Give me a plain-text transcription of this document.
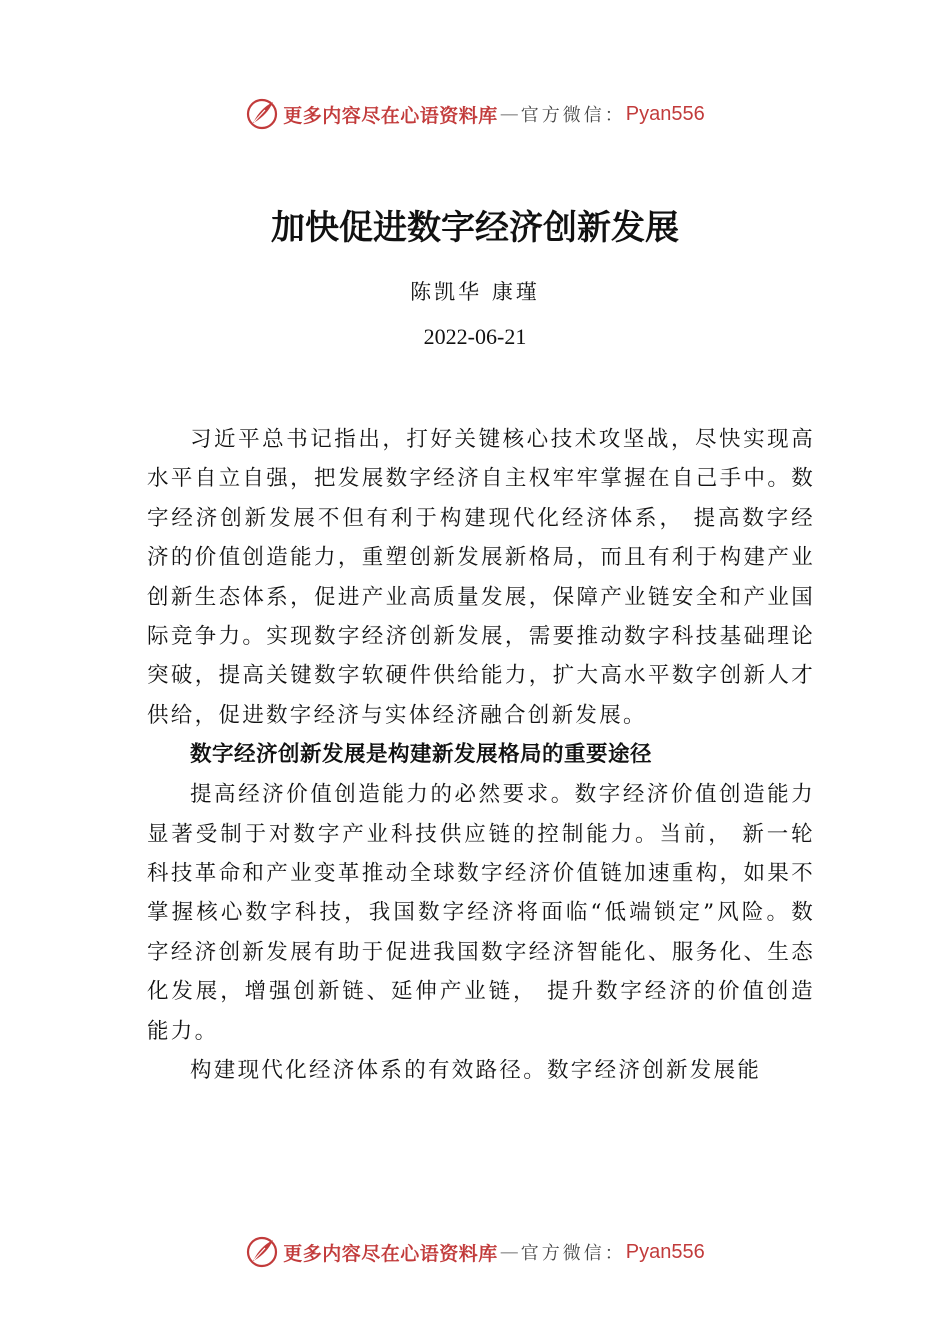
更多内容尽在心语资料库 — 官方微信： Pyan556
加快促进数字经济创新发展
陈凯华 康瑾
2022-06-21

习近平总书记指出，打好关键核心技术攻坚战，尽快实现高水平自立自强，把发展数字经济自主权牢牢掌握在自己手中。数字经济创新发展不但有利于构建现代化经济体系， 提高数字经济的价值创造能力，重塑创新发展新格局，而且有利于构建产业创新生态体系，促进产业高质量发展，保障产业链安全和产业国际竞争力。实现数字经济创新发展，需要推动数字科技基础理论突破，提高关键数字软硬件供给能力，扩大高水平数字创新人才供给，促进数字经济与实体经济融合创新发展。

数字经济创新发展是构建新发展格局的重要途径

提高经济价值创造能力的必然要求。数字经济价值创造能力显著受制于对数字产业科技供应链的控制能力。当前， 新一轮科技革命和产业变革推动全球数字经济价值链加速重构，如果不掌握核心数字科技，我国数字经济将面临“低端锁定”风险。数字经济创新发展有助于促进我国数字经济智能化、服务化、生态化发展，增强创新链、延伸产业链， 提升数字经济的价值创造能力。

构建现代化经济体系的有效路径。数字经济创新发展能

更多内容尽在心语资料库 — 官方微信： Pyan556
